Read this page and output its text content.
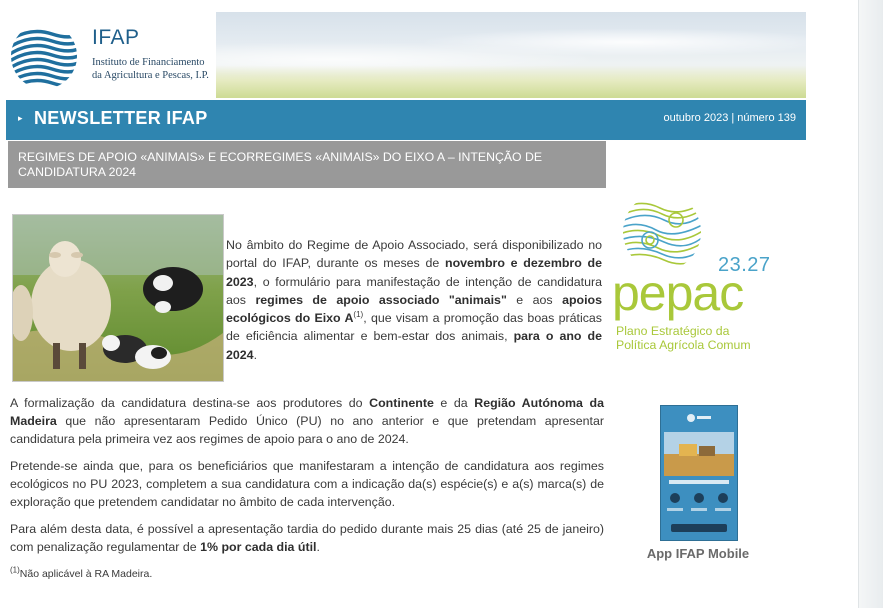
IFAP
Instituto de Financiamento
da Agricultura e Pescas, I.P.
▸ NEWSLETTER IFAP	outubro 2023 | número 139
REGIMES DE APOIO «ANIMAIS» E ECORREGIMES «ANIMAIS» DO EIXO A – INTENÇÃO DE CANDIDATURA 2024
No âmbito do Regime de Apoio Associado, será disponibilizado no portal do IFAP, durante os meses de novembro e dezembro de 2023, o formulário para manifestação de intenção de candidatura aos regimes de apoio associado "animais" e aos apoios ecológicos do Eixo $A^{(1)}$, que visam a promoção das boas práticas de eficiência alimentar e bem-estar dos animais, para o ano de 2024.
A formalização da candidatura destina-se aos produtores do Continente e da Região Autónoma da Madeira que não apresentaram Pedido Único (PU) no ano anterior e que pretendam apresentar candidatura pela primeira vez aos regimes de apoio para o ano de 2024.
Pretende-se ainda que, para os beneficiários que manifestaram a intenção de candidatura aos regimes ecológicos no PU 2023, completem a sua candidatura com a indicação da(s) espécie(s) e a(s) marca(s) de exploração que pretendem candidatar no âmbito de cada intervenção.
Para além desta data, é possível a apresentação tardia do pedido durante mais 25 dias (até 25 de janeiro) com penalização regulamentar de 1% por cada dia útil.
$^{(1)}$Não aplicável à RA Madeira.
23.27
pepac
Plano Estratégico da
Política Agrícola Comum
App IFAP Mobile
